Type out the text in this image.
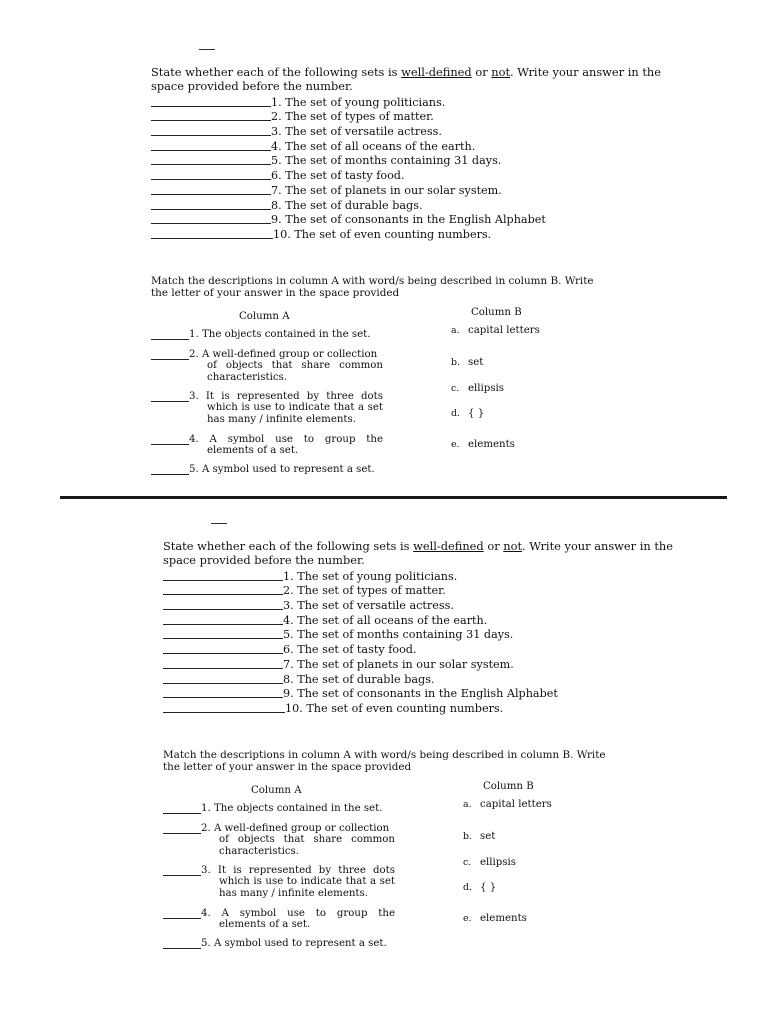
State whether each of the following sets is well-defined or not. Write your answer in the space provided before the number.

1. The set of young politicians.
2. The set of types of matter.
3. The set of versatile actress.
4. The set of all oceans of the earth.
5. The set of months containing 31 days.
6. The set of tasty food.
7. The set of planets in our solar system.
8. The set of durable bags.
9. The set of consonants in the English Alphabet
10. The set of even counting numbers.
Match the descriptions in column A with word/s being described in column B. Write the letter of your answer in the space provided
Column A	Column B
1. The objects contained in the set.
2. A well-defined group or collection
of objects that share common characteristics.
3. It is represented by three dots
which is use to indicate that a set has many / infinite elements.
4. A symbol use to group the
elements of a set.
5. A symbol used to represent a set.
a. capital letters
b. set
c. ellipsis
d. { }
e. elements

State whether each of the following sets is well-defined or not. Write your answer in the space provided before the number.

1. The set of young politicians.
2. The set of types of matter.
3. The set of versatile actress.
4. The set of all oceans of the earth.
5. The set of months containing 31 days.
6. The set of tasty food.
7. The set of planets in our solar system.
8. The set of durable bags.
9. The set of consonants in the English Alphabet
10. The set of even counting numbers.
Match the descriptions in column A with word/s being described in column B. Write the letter of your answer in the space provided
Column A	Column B
1. The objects contained in the set.
2. A well-defined group or collection
of objects that share common characteristics.
3. It is represented by three dots
which is use to indicate that a set has many / infinite elements.
4. A symbol use to group the
elements of a set.
5. A symbol used to represent a set.
a. capital letters
b. set
c. ellipsis
d. { }
e. elements
